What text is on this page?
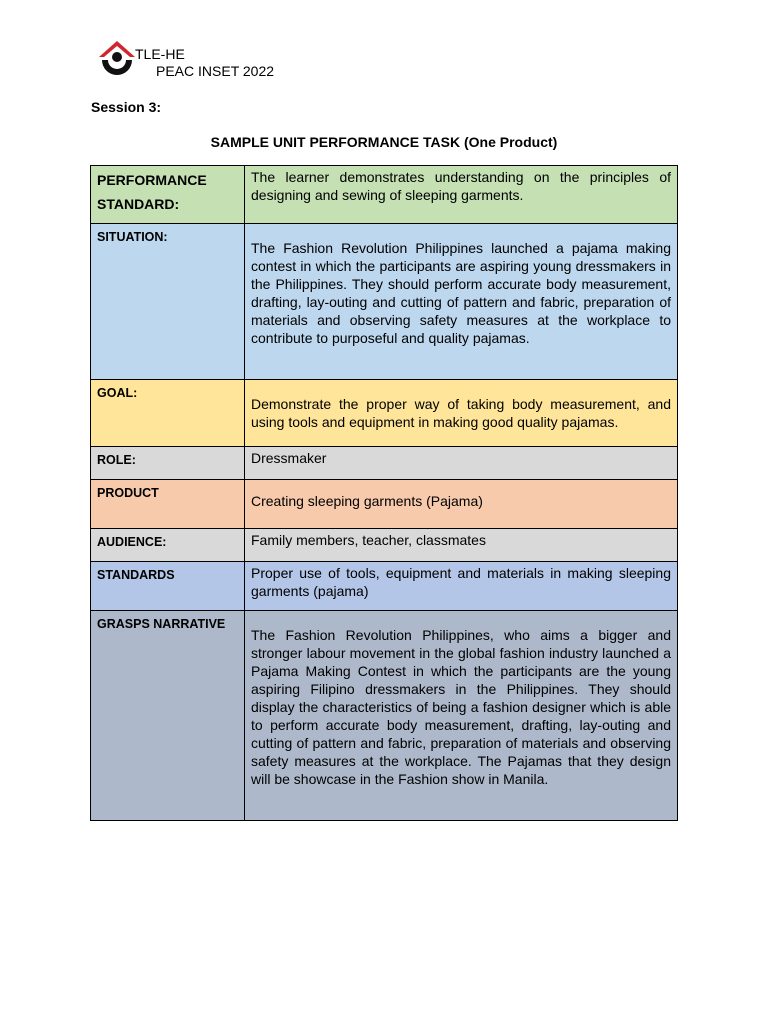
TLE-HE
PEAC INSET 2022
Session 3:
SAMPLE UNIT PERFORMANCE TASK (One Product)
PERFORMANCE STANDARD:	The learner demonstrates understanding on the principles of designing and sewing of sleeping garments.
SITUATION:	The Fashion Revolution Philippines launched a pajama making contest in which the participants are aspiring young dressmakers in the Philippines. They should perform accurate body measurement, drafting, lay-outing and cutting of pattern and fabric, preparation of materials and observing safety measures at the workplace to contribute to purposeful and quality pajamas.
GOAL:	Demonstrate the proper way of taking body measurement, and using tools and equipment in making good quality pajamas.
ROLE:	Dressmaker
PRODUCT	Creating sleeping garments (Pajama)
AUDIENCE:	Family members, teacher, classmates
STANDARDS	Proper use of tools, equipment and materials in making sleeping garments (pajama)
GRASPS NARRATIVE	The Fashion Revolution Philippines, who aims a bigger and stronger labour movement in the global fashion industry launched a Pajama Making Contest in which the participants are the young aspiring Filipino dressmakers in the Philippines. They should display the characteristics of being a fashion designer which is able to perform accurate body measurement, drafting, lay-outing and cutting of pattern and fabric, preparation of materials and observing safety measures at the workplace. The Pajamas that they design will be showcase in the Fashion show in Manila.
